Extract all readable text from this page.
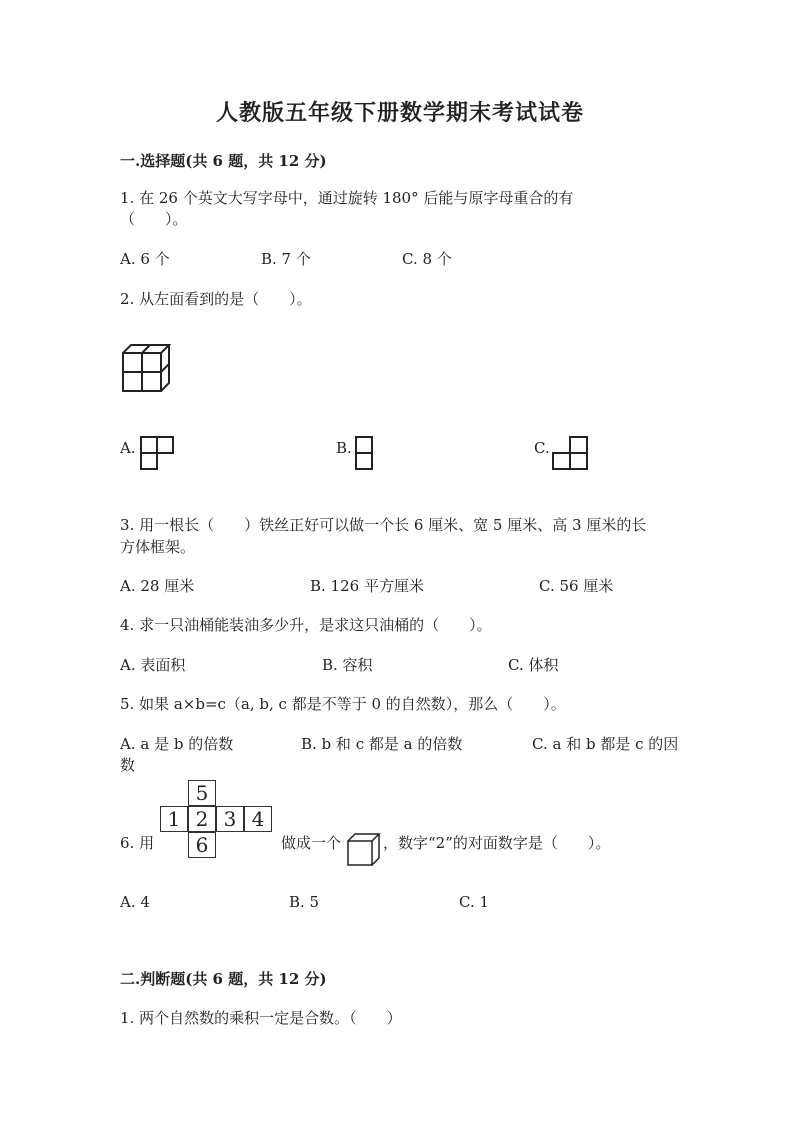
人教版五年级下册数学期末考试试卷
一.选择题(共 6 题，共 12 分)
1. 在 26 个英文大写字母中，通过旋转 180° 后能与原字母重合的有
（　　）。
A. 6 个	B. 7 个	C. 8 个
2. 从左面看到的是（　　）。
A.	B.	C.
3. 用一根长（　　）铁丝正好可以做一个长 6 厘米、宽 5 厘米、高 3 厘米的长
方体框架。
A. 28 厘米	B. 126 平方厘米	C. 56 厘米
4. 求一只油桶能装油多少升，是求这只油桶的（　　）。
A. 表面积	B. 容积	C. 体积
5. 如果 a×b=c（a, b, c 都是不等于 0 的自然数），那么（　　）。
A. a 是 b 的倍数	B. b 和 c 都是 a 的倍数	C. a 和 b 都是 c 的因
数
6. 用
5
1 2 3 4
6	做成一个	，数字“2”的对面数字是（　　）。
A. 4	B. 5	C. 1
二.判断题(共 6 题，共 12 分)
1. 两个自然数的乘积一定是合数。（　　）
